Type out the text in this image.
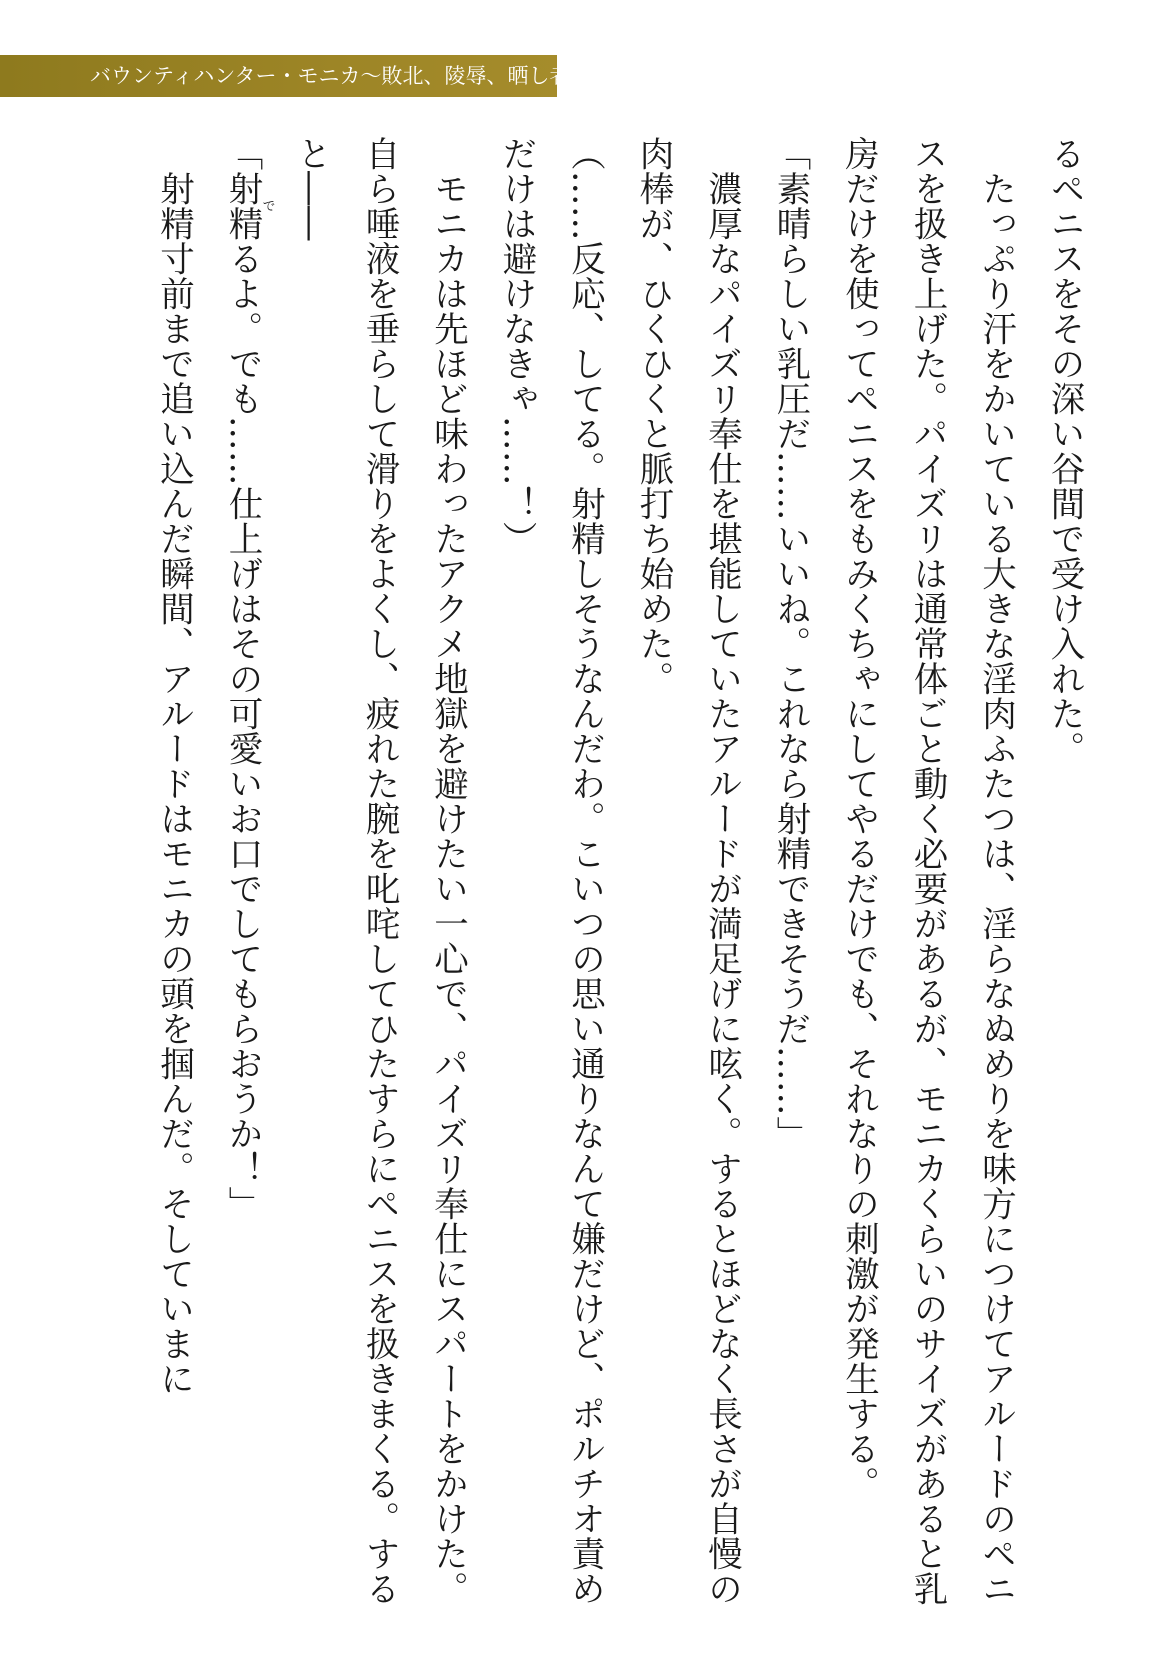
バウンティハンター・モニカ〜敗北、陵辱、晒し者〜

るペニスをその深い谷間で受け入れた。

　たっぷり汗をかいている大きな淫肉ふたつは、淫らなぬめりを味方につけてアルードのペニスを扱き上げた。パイズリは通常体ごと動く必要があるが、モニカくらいのサイズがあると乳房だけを使ってペニスをもみくちゃにしてやるだけでも、それなりの刺激が発生する。

「素晴らしい乳圧だ……いいね。これなら射精できそうだ……」

　濃厚なパイズリ奉仕を堪能していたアルードが満足げに呟く。するとほどなく長さが自慢の肉棒が、ひくひくと脈打ち始めた。

（……反応、してる。射精しそうなんだわ。こいつの思い通りなんて嫌だけど、ポルチオ責めだけは避けなきゃ……！）

　モニカは先ほど味わったアクメ地獄を避けたい一心で、パイズリ奉仕にスパートをかけた。自ら唾液を垂らして滑りをよくし、疲れた腕を叱咤してひたすらにペニスを扱きまくる。すると――

「射精でるよ。でも……仕上げはその可愛いお口でしてもらおうか！」

　射精寸前まで追い込んだ瞬間、アルードはモニカの頭を掴んだ。そしていまに
